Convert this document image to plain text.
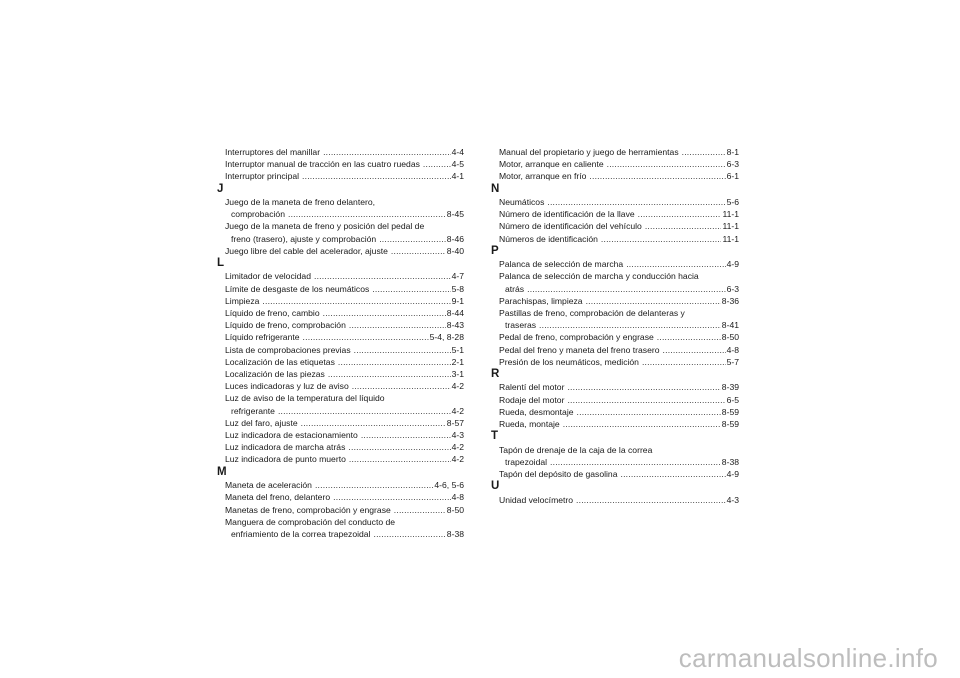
Interruptores del manillar .....	4-4
Interruptor manual de tracción en las cuatro ruedas .....	4-5
Interruptor principal .....	4-1
J
Juego de la maneta de freno delantero,
comprobación .....	8-45
Juego de la maneta de freno y posición del pedal de
freno (trasero), ajuste y comprobación .....	8-46
Juego libre del cable del acelerador, ajuste .....	8-40
L
Limitador de velocidad .....	4-7
Límite de desgaste de los neumáticos .....	5-8
Limpieza .....	9-1
Líquido de freno, cambio .....	8-44
Líquido de freno, comprobación .....	8-43
Líquido refrigerante .....	5-4, 8-28
Lista de comprobaciones previas .....	5-1
Localización de las etiquetas .....	2-1
Localización de las piezas .....	3-1
Luces indicadoras y luz de aviso .....	4-2
Luz de aviso de la temperatura del líquido
refrigerante .....	4-2
Luz del faro, ajuste .....	8-57
Luz indicadora de estacionamiento .....	4-3
Luz indicadora de marcha atrás .....	4-2
Luz indicadora de punto muerto .....	4-2
M
Maneta de aceleración .....	4-6, 5-6
Maneta del freno, delantero .....	4-8
Manetas de freno, comprobación y engrase .....	8-50
Manguera de comprobación del conducto de
enfriamiento de la correa trapezoidal .....	8-38
Manual del propietario y juego de herramientas .....	8-1
Motor, arranque en caliente .....	6-3
Motor, arranque en frío .....	6-1
N
Neumáticos .....	5-6
Número de identificación de la llave .....	11-1
Número de identificación del vehículo .....	11-1
Números de identificación .....	11-1
P
Palanca de selección de marcha .....	4-9
Palanca de selección de marcha y conducción hacia
atrás .....	6-3
Parachispas, limpieza .....	8-36
Pastillas de freno, comprobación de delanteras y
traseras .....	8-41
Pedal de freno, comprobación y engrase .....	8-50
Pedal del freno y maneta del freno trasero .....	4-8
Presión de los neumáticos, medición .....	5-7
R
Ralentí del motor .....	8-39
Rodaje del motor .....	6-5
Rueda, desmontaje .....	8-59
Rueda, montaje .....	8-59
T
Tapón de drenaje de la caja de la correa
trapezoidal .....	8-38
Tapón del depósito de gasolina .....	4-9
U
Unidad velocímetro .....	4-3
carmanualsonline.info
